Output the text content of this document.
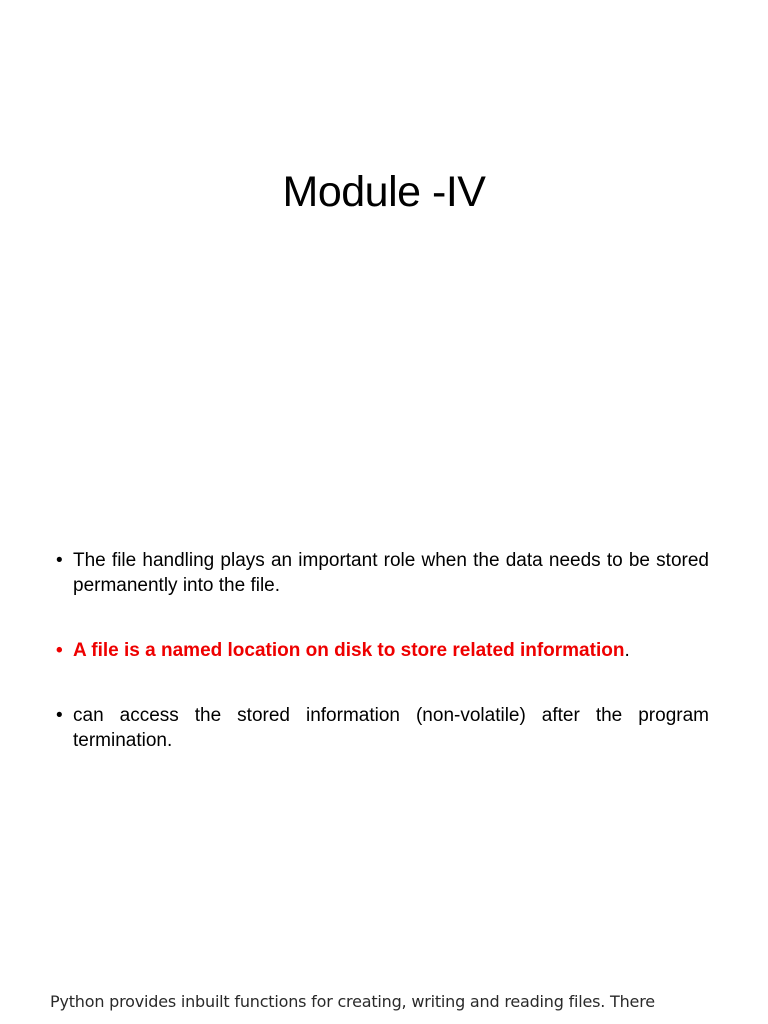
Module -IV
• The file handling plays an important role when the data needs to be stored permanently into the file.
• A file is a named location on disk to store related information.
• can access the stored information (non-volatile) after the program termination.
Python provides inbuilt functions for creating, writing and reading files. There
